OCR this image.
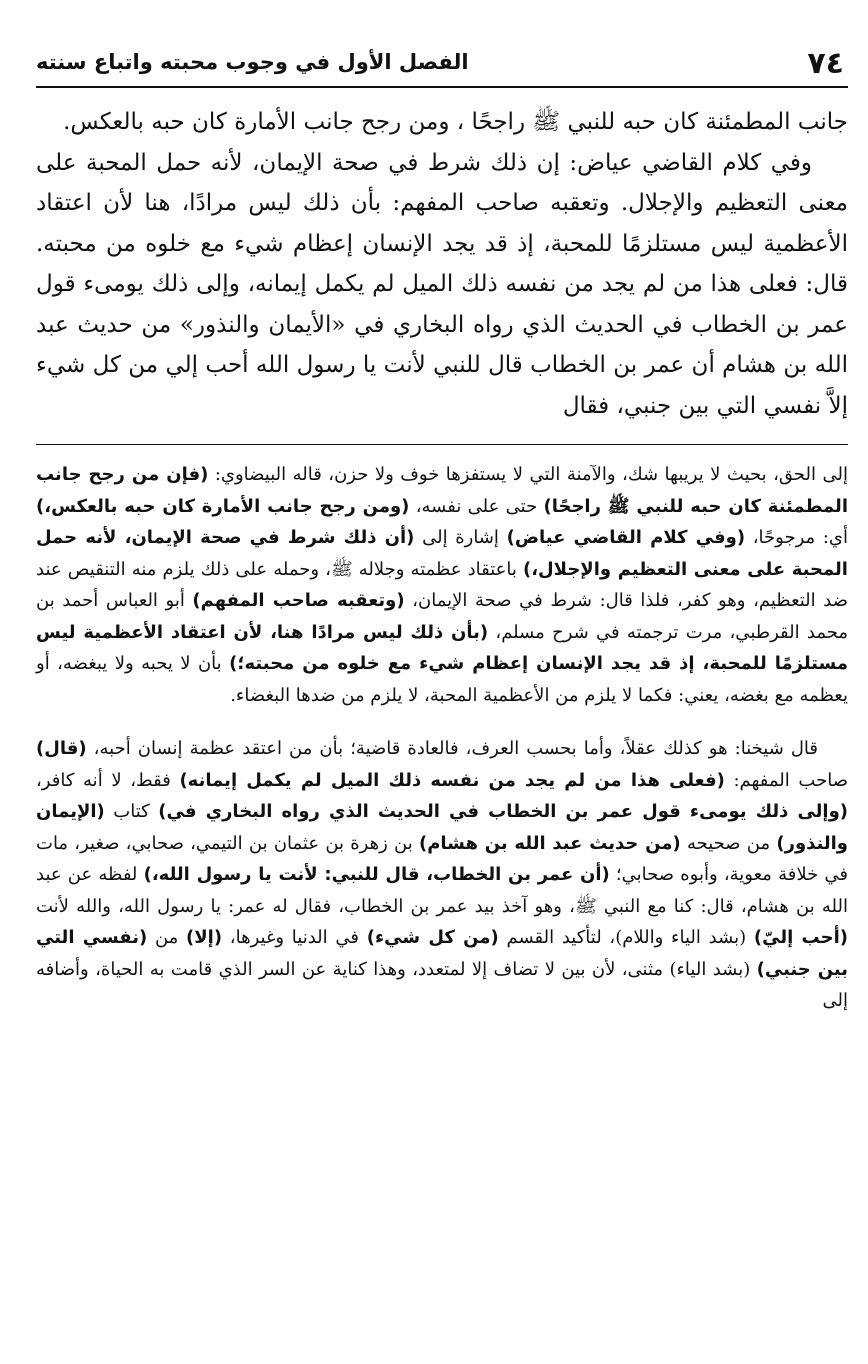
٧٤
الفصل الأول في وجوب محبته واتباع سنته

جانب المطمئنة كان حبه للنبي ﷺ راجحًا ، ومن رجح جانب الأمارة كان حبه بالعكس.

وفي كلام القاضي عياض: إن ذلك شرط في صحة الإيمان، لأنه حمل المحبة على معنى التعظيم والإجلال. وتعقبه صاحب المفهم: بأن ذلك ليس مرادًا، هنا لأن اعتقاد الأعظمية ليس مستلزمًا للمحبة، إذ قد يجد الإنسان إعظام شيء مع خلوه من محبته. قال: فعلى هذا من لم يجد من نفسه ذلك الميل لم يكمل إيمانه، وإلى ذلك يومىء قول عمر بن الخطاب في الحديث الذي رواه البخاري في «الأيمان والنذور» من حديث عبد الله بن هشام أن عمر بن الخطاب قال للنبي لأنت يا رسول الله أحب إلي من كل شيء إلاَّ نفسي التي بين جنبي، فقال

إلى الحق، بحيث لا يريبها شك، والآمنة التي لا يستفزها خوف ولا حزن، قاله البيضاوي: (فإن من رجح جانب المطمئنة كان حبه للنبي ﷺ راجحًا) حتى على نفسه، (ومن رجح جانب الأمارة كان حبه بالعكس،) أي: مرجوحًا، (وفي كلام القاضي عياض) إشارة إلى (أن ذلك شرط في صحة الإيمان، لأنه حمل المحبة على معنى التعظيم والإجلال،) باعتقاد عظمته وجلاله ﷺ، وحمله على ذلك يلزم منه التنقيص عند ضد التعظيم، وهو كفر، فلذا قال: شرط في صحة الإيمان، (وتعقبه صاحب المفهم) أبو العباس أحمد بن محمد القرطبي، مرت ترجمته في شرح مسلم، (بأن ذلك ليس مرادًا هنا، لأن اعتقاد الأعظمية ليس مستلزمًا للمحبة، إذ قد يجد الإنسان إعظام شيء مع خلوه من محبته؛) بأن لا يحبه ولا يبغضه، أو يعظمه مع بغضه، يعني: فكما لا يلزم من الأعظمية المحبة، لا يلزم من ضدها البغضاء.

قال شيخنا: هو كذلك عقلاً، وأما بحسب العرف، فالعادة قاضية؛ بأن من اعتقد عظمة إنسان أحبه، (قال) صاحب المفهم: (فعلى هذا من لم يجد من نفسه ذلك الميل لم يكمل إيمانه) فقط، لا أنه كافر، (وإلى ذلك يومىء قول عمر بن الخطاب في الحديث الذي رواه البخاري في) كتاب (الإيمان والنذور) من صحيحه (من حديث عبد الله بن هشام) بن زهرة بن عثمان بن التيمي، صحابي، صغير، مات في خلافة معوية، وأبوه صحابي؛ (أن عمر بن الخطاب، قال للنبي: لأنت يا رسول الله،) لفظه عن عبد الله بن هشام، قال: كنا مع النبي ﷺ، وهو آخذ بيد عمر بن الخطاب، فقال له عمر: يا رسول الله، والله لأنت (أحب إليّ) (بشد الياء واللام)، لتأكيد القسم (من كل شيء) في الدنيا وغيرها، (إلا) من (نفسي التي بين جنبي) (بشد الياء) مثنى، لأن بين لا تضاف إلا لمتعدد، وهذا كناية عن السر الذي قامت به الحياة، وأضافه إلى
